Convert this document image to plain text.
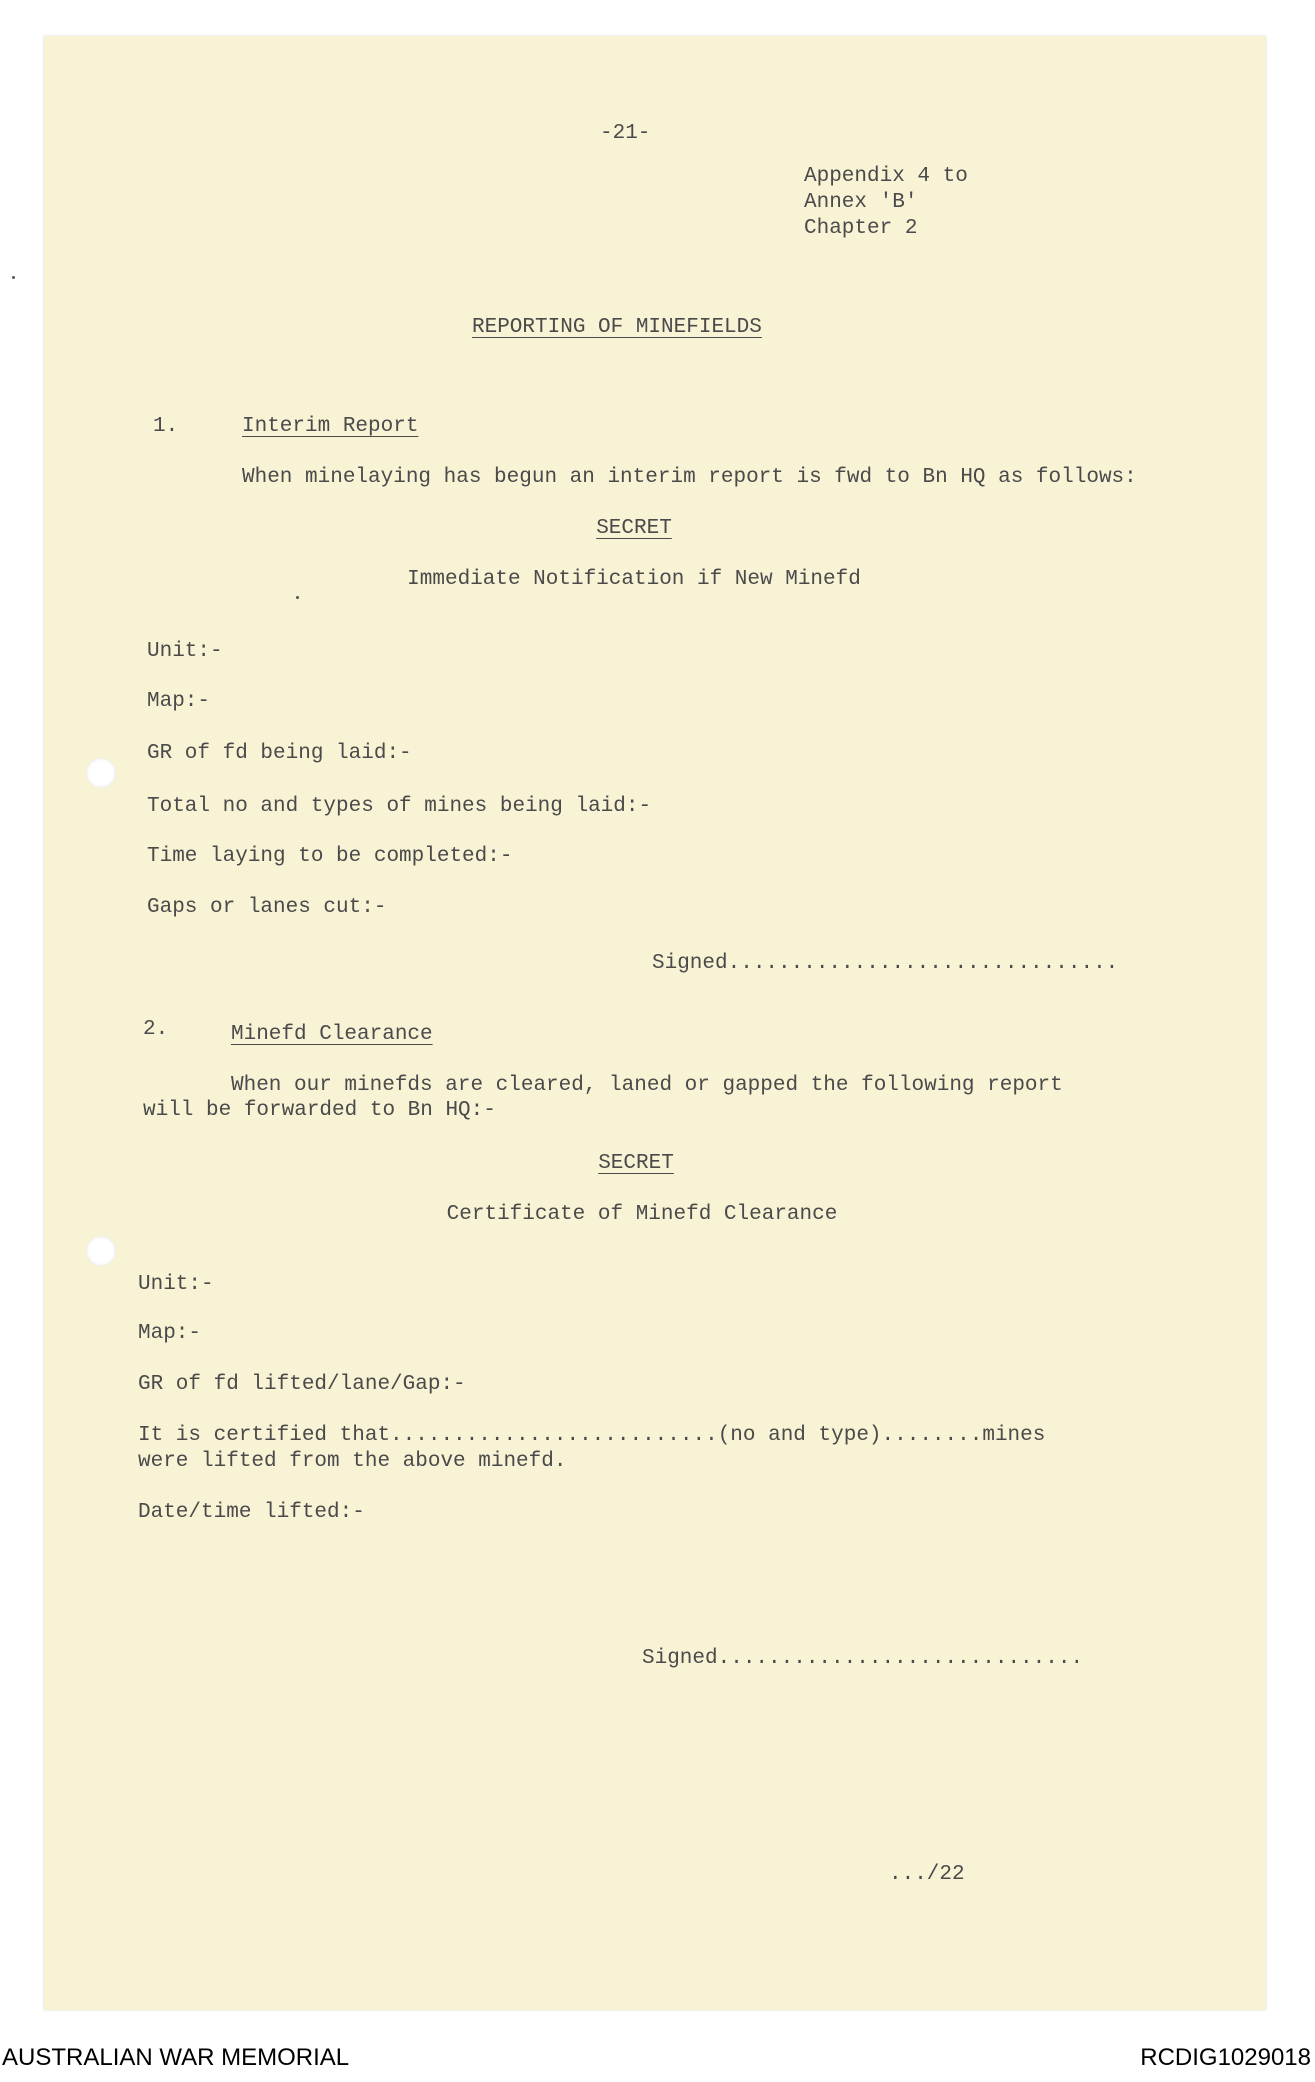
-21-
Appendix 4 to
Annex 'B'
Chapter 2
REPORTING OF MINEFIELDS
1.	Interim Report
When minelaying has begun an interim report is fwd to Bn HQ as follows:
SECRET
Immediate Notification if New Minefd
Unit:-
Map:-
GR of fd being laid:-
Total no and types of mines being laid:-
Time laying to be completed:-
Gaps or lanes cut:-
Signed...............................
2.	Minefd Clearance
When our minefds are cleared, laned or gapped the following report
will be forwarded to Bn HQ:-
SECRET
Certificate of Minefd Clearance
Unit:-
Map:-
GR of fd lifted/lane/Gap:-
It is certified that..........................(no and type)........mines
were lifted from the above minefd.
Date/time lifted:-
Signed.............................
.../22
AUSTRALIAN WAR MEMORIAL	RCDIG1029018
